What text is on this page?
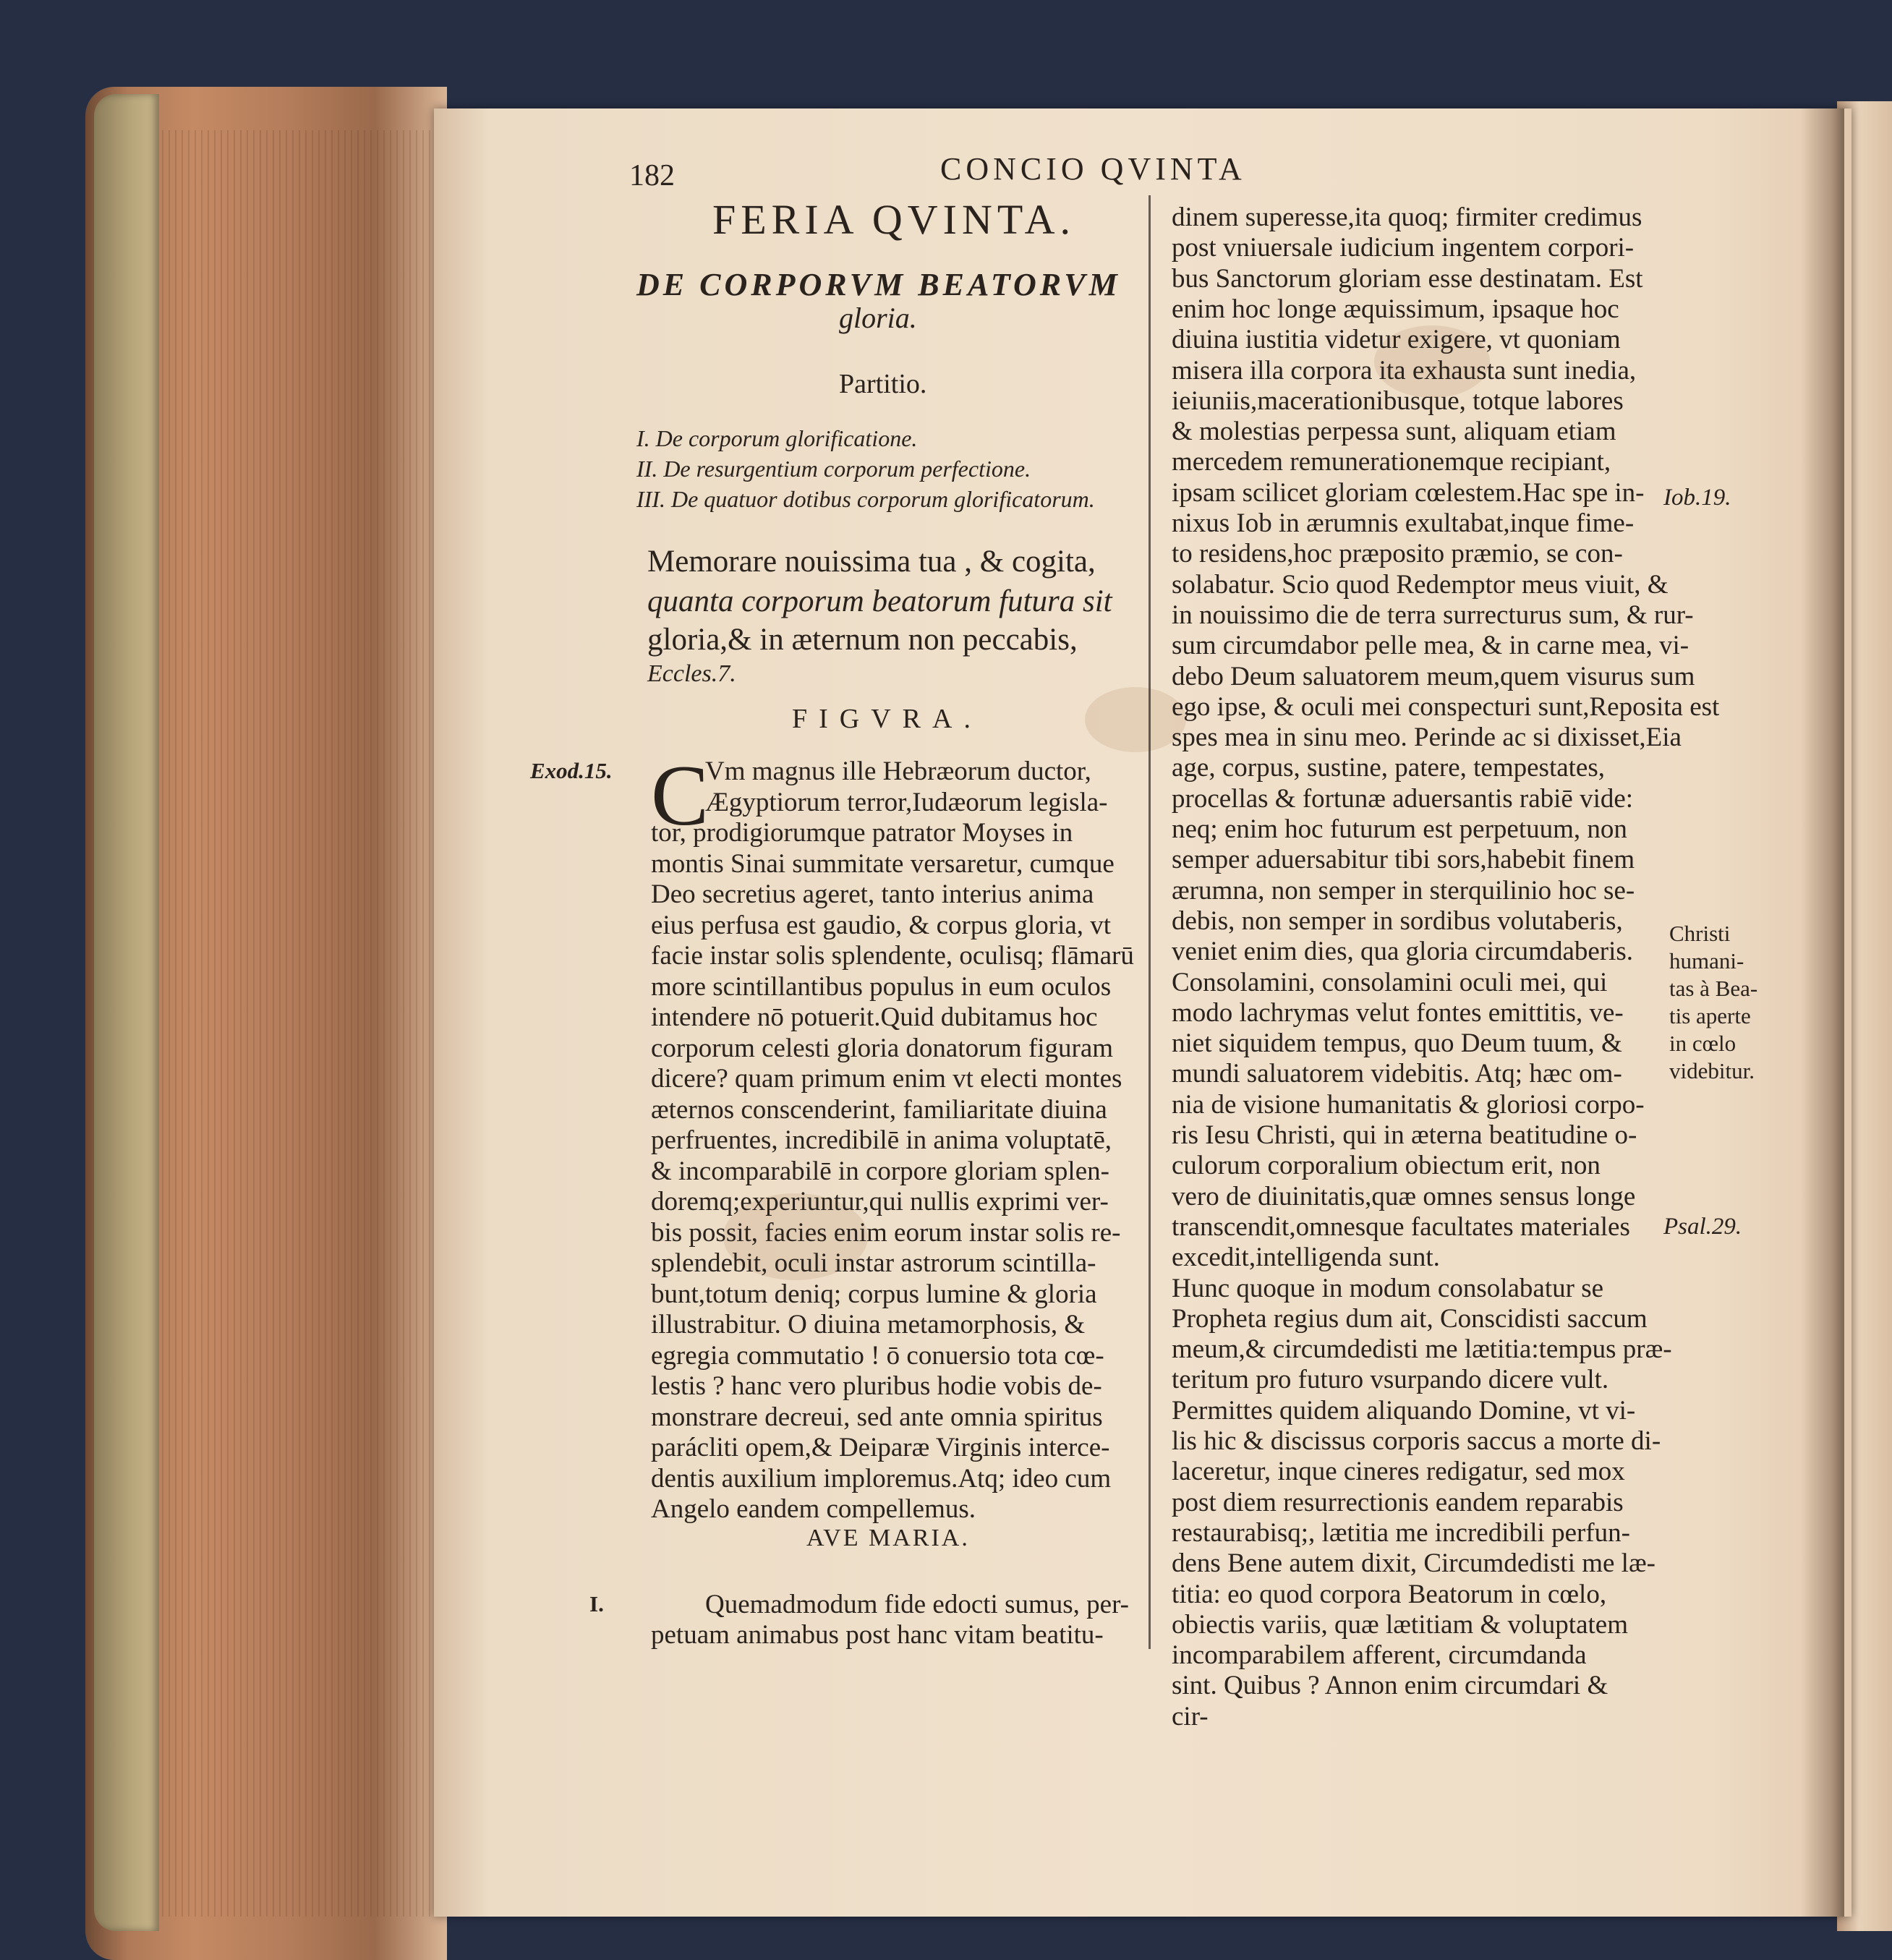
182	CONCIO QVINTA
FERIA QVINTA.
DE CORPORVM BEATORVM
gloria.
Partitio.
I. De corporum glorificatione.
II. De resurgentium corporum perfectione.
III. De quatuor dotibus corporum glorificatorum.
Memorare nouissima tua , & cogita,
quanta corporum beatorum futura sit
gloria,& in æternum non peccabis,
Eccles.7.
FIGVRA.
C
Vm magnus ille Hebræorum ductor,
Ægyptiorum terror,Iudæorum legisla-
tor, prodigiorumque patrator Moyses in
montis Sinai summitate versaretur, cumque
Deo secretius ageret, tanto interius anima
eius perfusa est gaudio, & corpus gloria, vt
facie instar solis splendente, oculisq; flāmarū
more scintillantibus populus in eum oculos
intendere nō potuerit.Quid dubitamus hoc
corporum celesti gloria donatorum figuram
dicere? quam primum enim vt electi montes
æternos conscenderint, familiaritate diuina
perfruentes, incredibilē in anima voluptatē,
& incomparabilē in corpore gloriam splen-
doremq;experiuntur,qui nullis exprimi ver-
bis possit, facies enim eorum instar solis re-
splendebit, oculi instar astrorum scintilla-
bunt,totum deniq; corpus lumine & gloria
illustrabitur. O diuina metamorphosis, &
egregia commutatio ! ō conuersio tota cœ-
lestis ? hanc vero pluribus hodie vobis de-
monstrare decreui, sed ante omnia spiritus
parácliti opem,& Deiparæ Virginis interce-
dentis auxilium imploremus.Atq; ideo cum
Angelo eandem compellemus.
AVE MARIA.
I.	Quemadmodum fide edocti sumus, per-
petuam animabus post hanc vitam beatitu-
dinem superesse,ita quoq; firmiter credimus
post vniuersale iudicium ingentem corpori-
bus Sanctorum gloriam esse destinatam. Est
enim hoc longe æquissimum, ipsaque hoc
diuina iustitia videtur exigere, vt quoniam
misera illa corpora ita exhausta sunt inedia,
ieiuniis,macerationibusque, totque labores
& molestias perpessa sunt, aliquam etiam
mercedem remunerationemque recipiant,
ipsam scilicet gloriam cœlestem.Hac spe in-
nixus Iob in ærumnis exultabat,inque fime-
to residens,hoc præposito præmio, se con-
solabatur. Scio quod Redemptor meus viuit, &
in nouissimo die de terra surrecturus sum, & rur-
sum circumdabor pelle mea, & in carne mea, vi-
debo Deum saluatorem meum,quem visurus sum
ego ipse, & oculi mei conspecturi sunt,Reposita est
spes mea in sinu meo. Perinde ac si dixisset,Eia
age, corpus, sustine, patere, tempestates,
procellas & fortunæ aduersantis rabiē vide:
neq; enim hoc futurum est perpetuum, non
semper aduersabitur tibi sors,habebit finem
ærumna, non semper in sterquilinio hoc se-
debis, non semper in sordibus volutaberis,
veniet enim dies, qua gloria circumdaberis.
Consolamini, consolamini oculi mei, qui
modo lachrymas velut fontes emittitis, ve-
niet siquidem tempus, quo Deum tuum, &
mundi saluatorem videbitis. Atq; hæc om-
nia de visione humanitatis & gloriosi corpo-
ris Iesu Christi, qui in æterna beatitudine o-
culorum corporalium obiectum erit, non
vero de diuinitatis,quæ omnes sensus longe
transcendit,omnesque facultates materiales
excedit,intelligenda sunt.
Hunc quoque in modum consolabatur se
Propheta regius dum ait, Conscidisti saccum
meum,& circumdedisti me lætitia:tempus præ-
teritum pro futuro vsurpando dicere vult.
Permittes quidem aliquando Domine, vt vi-
lis hic & discissus corporis saccus a morte di-
laceretur, inque cineres redigatur, sed mox
post diem resurrectionis eandem reparabis
restaurabisq;, lætitia me incredibili perfun-
dens Bene autem dixit, Circumdedisti me læ-
titia: eo quod corpora Beatorum in cœlo,
obiectis variis, quæ lætitiam & voluptatem
incomparabilem afferent, circumdanda
sint. Quibus ? Annon enim circumdari &
cir-
Exod.15.
Iob.19.
Christi
humani-
tas à Bea-
tis aperte
in cœlo
videbitur.
Psal.29.
